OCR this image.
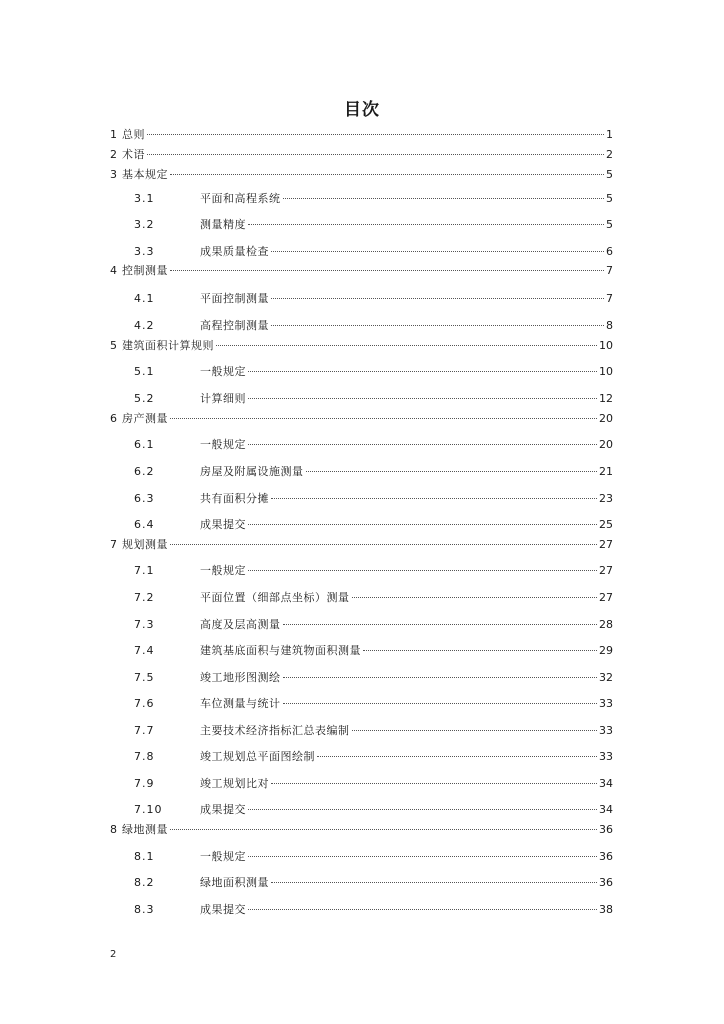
目次
1 总则	1
2 术语	2
3 基本规定	5
3.1	平面和高程系统	5
3.2	测量精度	5
3.3	成果质量检查	6
4 控制测量	7
4.1	平面控制测量	7
4.2	高程控制测量	8
5 建筑面积计算规则	10
5.1	一般规定	10
5.2	计算细则	12
6 房产测量	20
6.1	一般规定	20
6.2	房屋及附属设施测量	21
6.3	共有面积分摊	23
6.4	成果提交	25
7 规划测量	27
7.1	一般规定	27
7.2	平面位置（细部点坐标）测量	27
7.3	高度及层高测量	28
7.4	建筑基底面积与建筑物面积测量	29
7.5	竣工地形图测绘	32
7.6	车位测量与统计	33
7.7	主要技术经济指标汇总表编制	33
7.8	竣工规划总平面图绘制	33
7.9	竣工规划比对	34
7.10	成果提交	34
8 绿地测量	36
8.1	一般规定	36
8.2	绿地面积测量	36
8.3	成果提交	38
2
